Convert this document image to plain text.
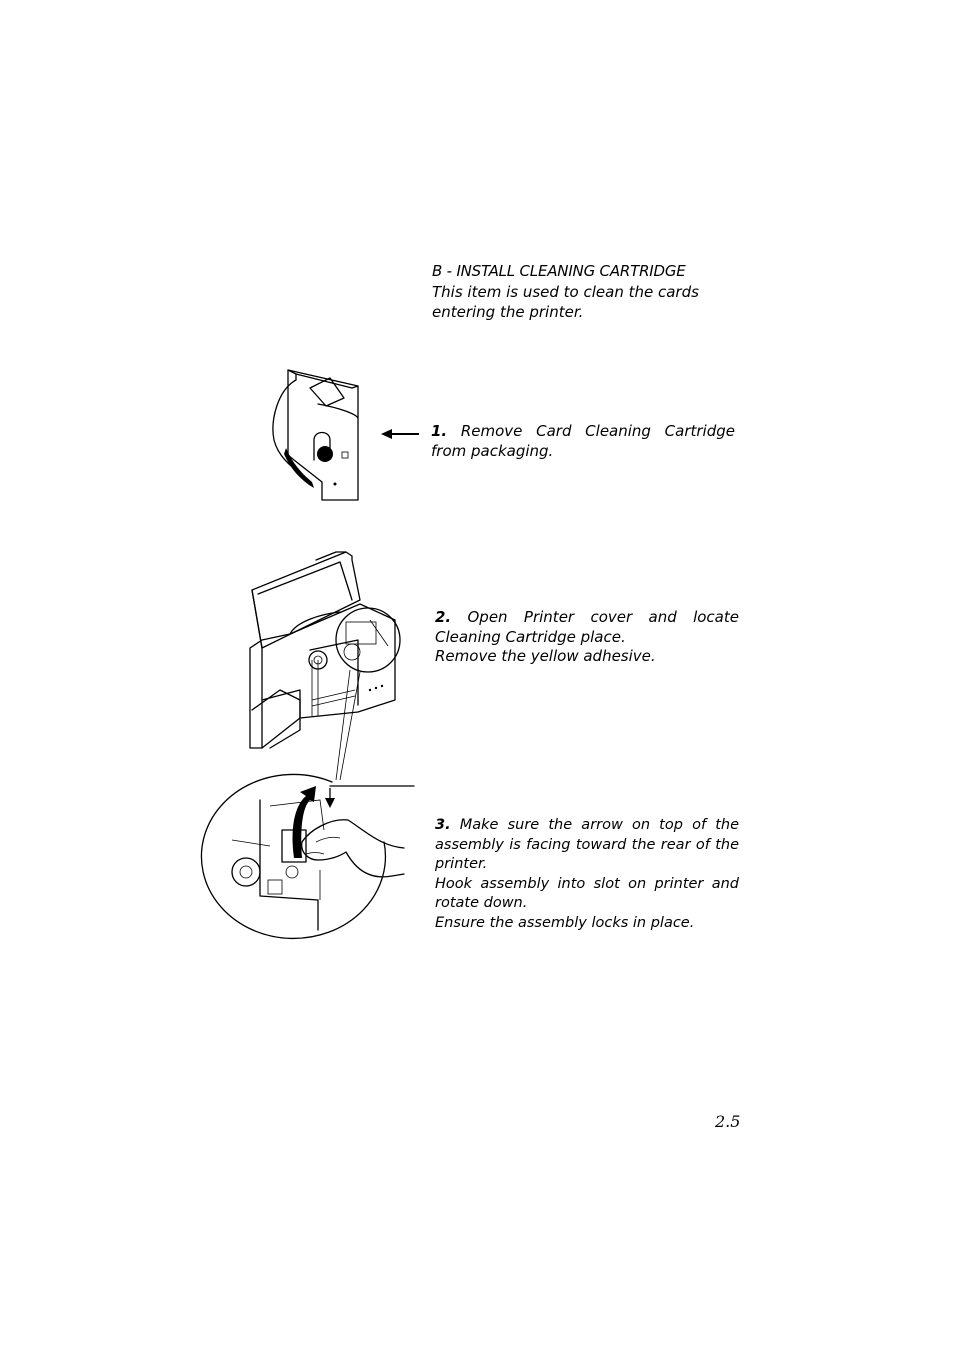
B - INSTALL CLEANING CARTRIDGE
This item is used to clean the cards entering the printer.
1. Remove Card Cleaning Cartridge from packaging.
2. Open Printer cover and locate Cleaning Cartridge place.
Remove the yellow adhesive.
3. Make sure the arrow on top of the assembly is facing toward the rear of the printer.
Hook assembly into slot on printer and rotate down.
Ensure the assembly locks in place.
2.5
